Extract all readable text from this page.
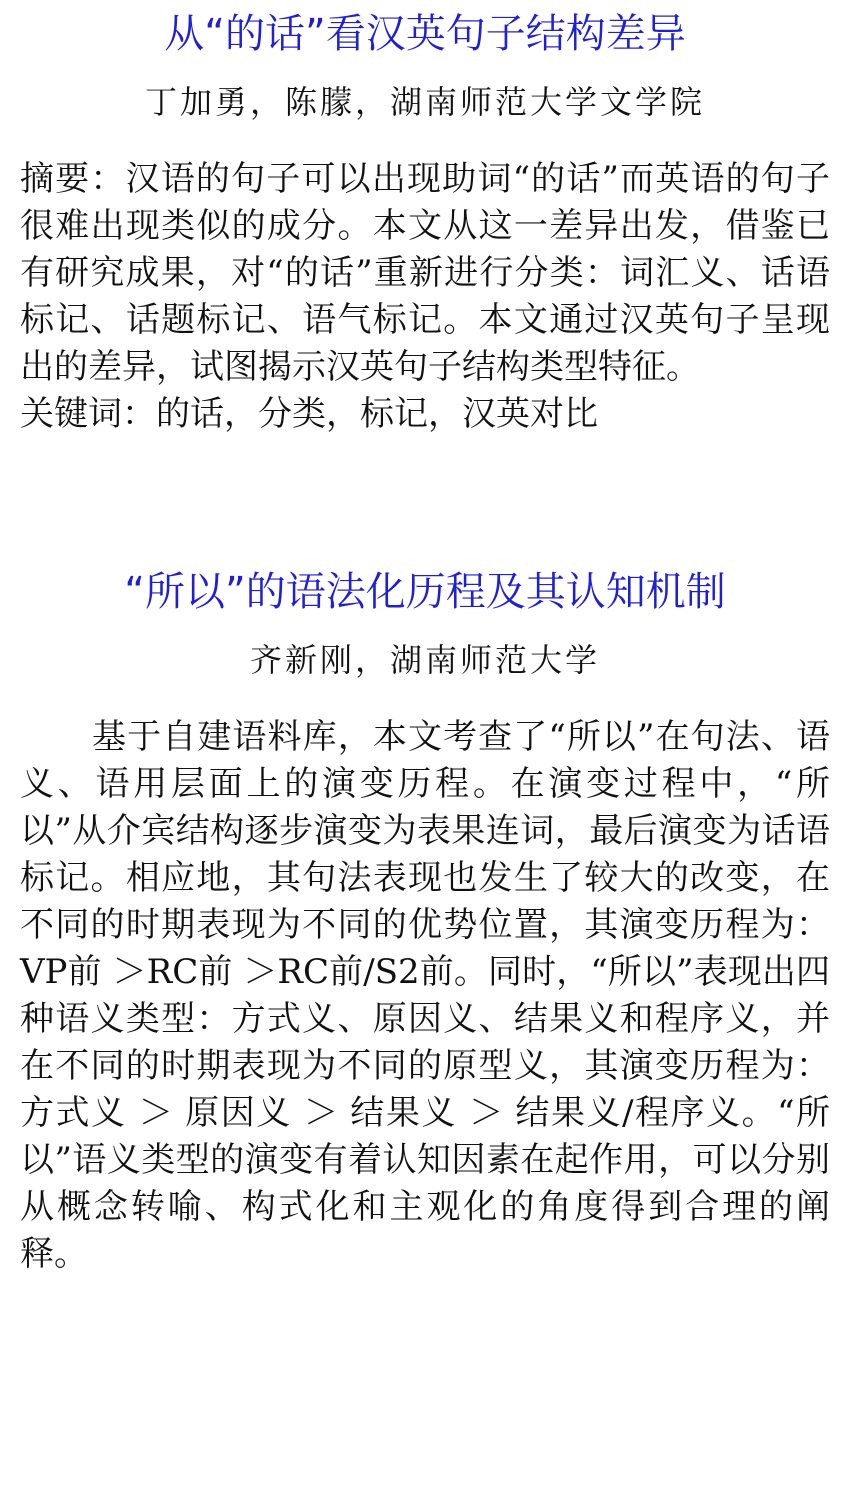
从“的话”看汉英句子结构差异

丁加勇，陈朦，湖南师范大学文学院

摘要：汉语的句子可以出现助词“的话”而英语的句子很难出现类似的成分。本文从这一差异出发，借鉴已有研究成果，对“的话”重新进行分类：词汇义、话语标记、话题标记、语气标记。本文通过汉英句子呈现出的差异，试图揭示汉英句子结构类型特征。

关键词：的话，分类，标记，汉英对比

“所以”的语法化历程及其认知机制

齐新刚，湖南师范大学

基于自建语料库，本文考查了“所以”在句法、语义、语用层面上的演变历程。在演变过程中，“所以”从介宾结构逐步演变为表果连词，最后演变为话语标记。相应地，其句法表现也发生了较大的改变，在不同的时期表现为不同的优势位置，其演变历程为：VP前 ＞RC前 ＞RC前/S2前。同时，“所以”表现出四种语义类型：方式义、原因义、结果义和程序义，并在不同的时期表现为不同的原型义，其演变历程为：方式义 ＞ 原因义 ＞ 结果义 ＞ 结果义/程序义。“所以”语义类型的演变有着认知因素在起作用，可以分别从概念转喻、构式化和主观化的角度得到合理的阐释。
